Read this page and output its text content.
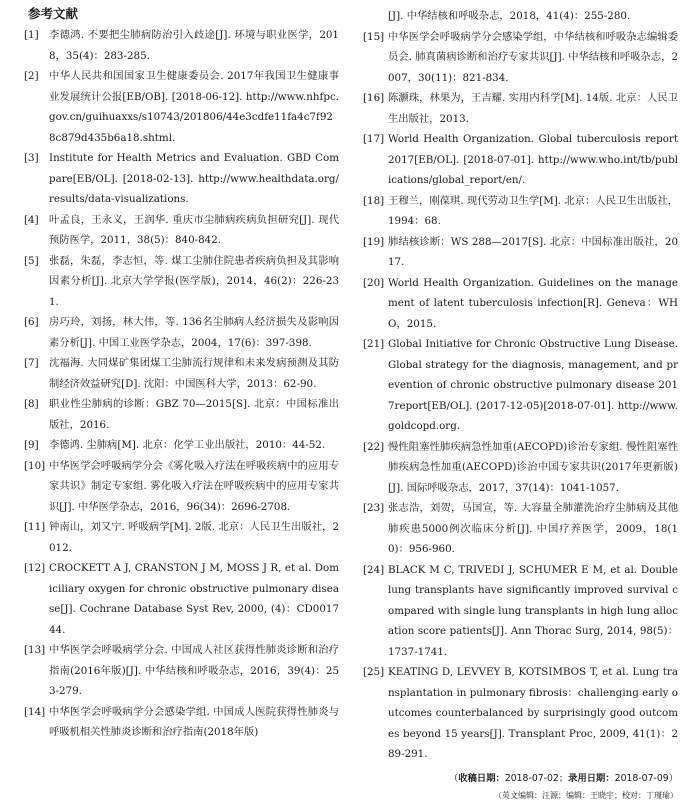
参考文献
[1]	李德鸿. 不要把尘肺病防治引入歧途[J]. 环境与职业医学，2018，35(4)：283-285.
[2]	中华人民共和国国家卫生健康委员会. 2017年我国卫生健康事业发展统计公报[EB/OB]. [2018-06-12]. http://www.nhfpc.gov.cn/guihuaxxs/s10743/201806/44e3cdfe11fa4c7f928c879d435b6a18.shtml.
[3]	Institute for Health Metrics and Evaluation. GBD Compare[EB/OL]. [2018-02-13]. http://www.healthdata.org/results/data-visualizations.
[4]	叶孟良，王永义，王润华. 重庆市尘肺病疾病负担研究[J]. 现代预防医学，2011，38(5)：840-842.
[5]	张磊，朱磊，李志恒，等. 煤工尘肺住院患者疾病负担及其影响因素分析[J]. 北京大学学报(医学版)，2014，46(2)：226-231.
[6]	房巧玲，刘扬，林大伟，等. 136名尘肺病人经济损失及影响因素分析[J]. 中国工业医学杂志，2004，17(6)：397-398.
[7]	沈福海. 大同煤矿集团煤工尘肺流行规律和未来发病预测及其防制经济效益研究[D]. 沈阳：中国医科大学，2013：62-90.
[8]	职业性尘肺病的诊断：GBZ 70—2015[S]. 北京：中国标准出版社，2016.
[9]	李德鸿. 尘肺病[M]. 北京：化学工业出版社，2010：44-52.
[10] 中华医学会呼吸病学分会《雾化吸入疗法在呼吸疾病中的应用专家共识》制定专家组. 雾化吸入疗法在呼吸疾病中的应用专家共识[J]. 中华医学杂志，2016，96(34)：2696-2708.
[11] 钟南山，刘又宁. 呼吸病学[M]. 2版. 北京：人民卫生出版社，2012.
[12] CROCKETT A J, CRANSTON J M, MOSS J R, et al. Domiciliary oxygen for chronic obstructive pulmonary disease[J]. Cochrane Database Syst Rev, 2000, (4)：CD001744.
[13] 中华医学会呼吸病学分会. 中国成人社区获得性肺炎诊断和治疗指南(2016年版)[J]. 中华结核和呼吸杂志，2016，39(4)：253-279.
[14] 中华医学会呼吸病学分会感染学组. 中国成人医院获得性肺炎与呼吸机相关性肺炎诊断和治疗指南(2018年版)
[J]. 中华结核和呼吸杂志，2018，41(4)：255-280.
[15] 中华医学会呼吸病学分会感染学组，中华结核和呼吸杂志编辑委员会. 肺真菌病诊断和治疗专家共识[J]. 中华结核和呼吸杂志，2007，30(11)：821-834.
[16] 陈灏珠，林果为，王吉耀. 实用内科学[M]. 14版. 北京：人民卫生出版社，2013.
[17] World Health Organization. Global tuberculosis report 2017[EB/OL]. [2018-07-01]. http://www.who.int/tb/publications/global_report/en/.
[18] 王穆兰，刚葆琪. 现代劳动卫生学[M]. 北京：人民卫生出版社，1994：68.
[19] 肺结核诊断：WS 288—2017[S]. 北京：中国标准出版社，2017.
[20] World Health Organization. Guidelines on the management of latent tuberculosis infection[R]. Geneva：WHO，2015.
[21] Global Initiative for Chronic Obstructive Lung Disease. Global strategy for the diagnosis, management, and prevention of chronic obstructive pulmonary disease 2017report[EB/OL]. (2017-12-05)[2018-07-01]. http://www.goldcopd.org.
[22] 慢性阻塞性肺疾病急性加重(AECOPD)诊治专家组. 慢性阻塞性肺疾病急性加重(AECOPD)诊治中国专家共识(2017年更新版)[J]. 国际呼吸杂志，2017，37(14)：1041-1057.
[23] 张志浩，刘贺，马国宣，等. 大容量全肺灌洗治疗尘肺病及其他肺疾患5000例次临床分析[J]. 中国疗养医学，2009，18(10)：956-960.
[24] BLACK M C, TRIVEDI J, SCHUMER E M, et al. Double lung transplants have significantly improved survival compared with single lung transplants in high lung allocation score patients[J]. Ann Thorac Surg, 2014, 98(5)：1737-1741.
[25] KEATING D, LEVVEY B, KOTSIMBOS T, et al. Lung transplantation in pulmonary fibrosis：challenging early outcomes counterbalanced by surprisingly good outcomes beyond 15 years[J]. Transplant Proc, 2009, 41(1)：289-291.
（收稿日期：2018-07-02；录用日期：2018-07-09）
（英文编辑：汪源；编辑：王晓宇；校对：丁瑾瑜）
